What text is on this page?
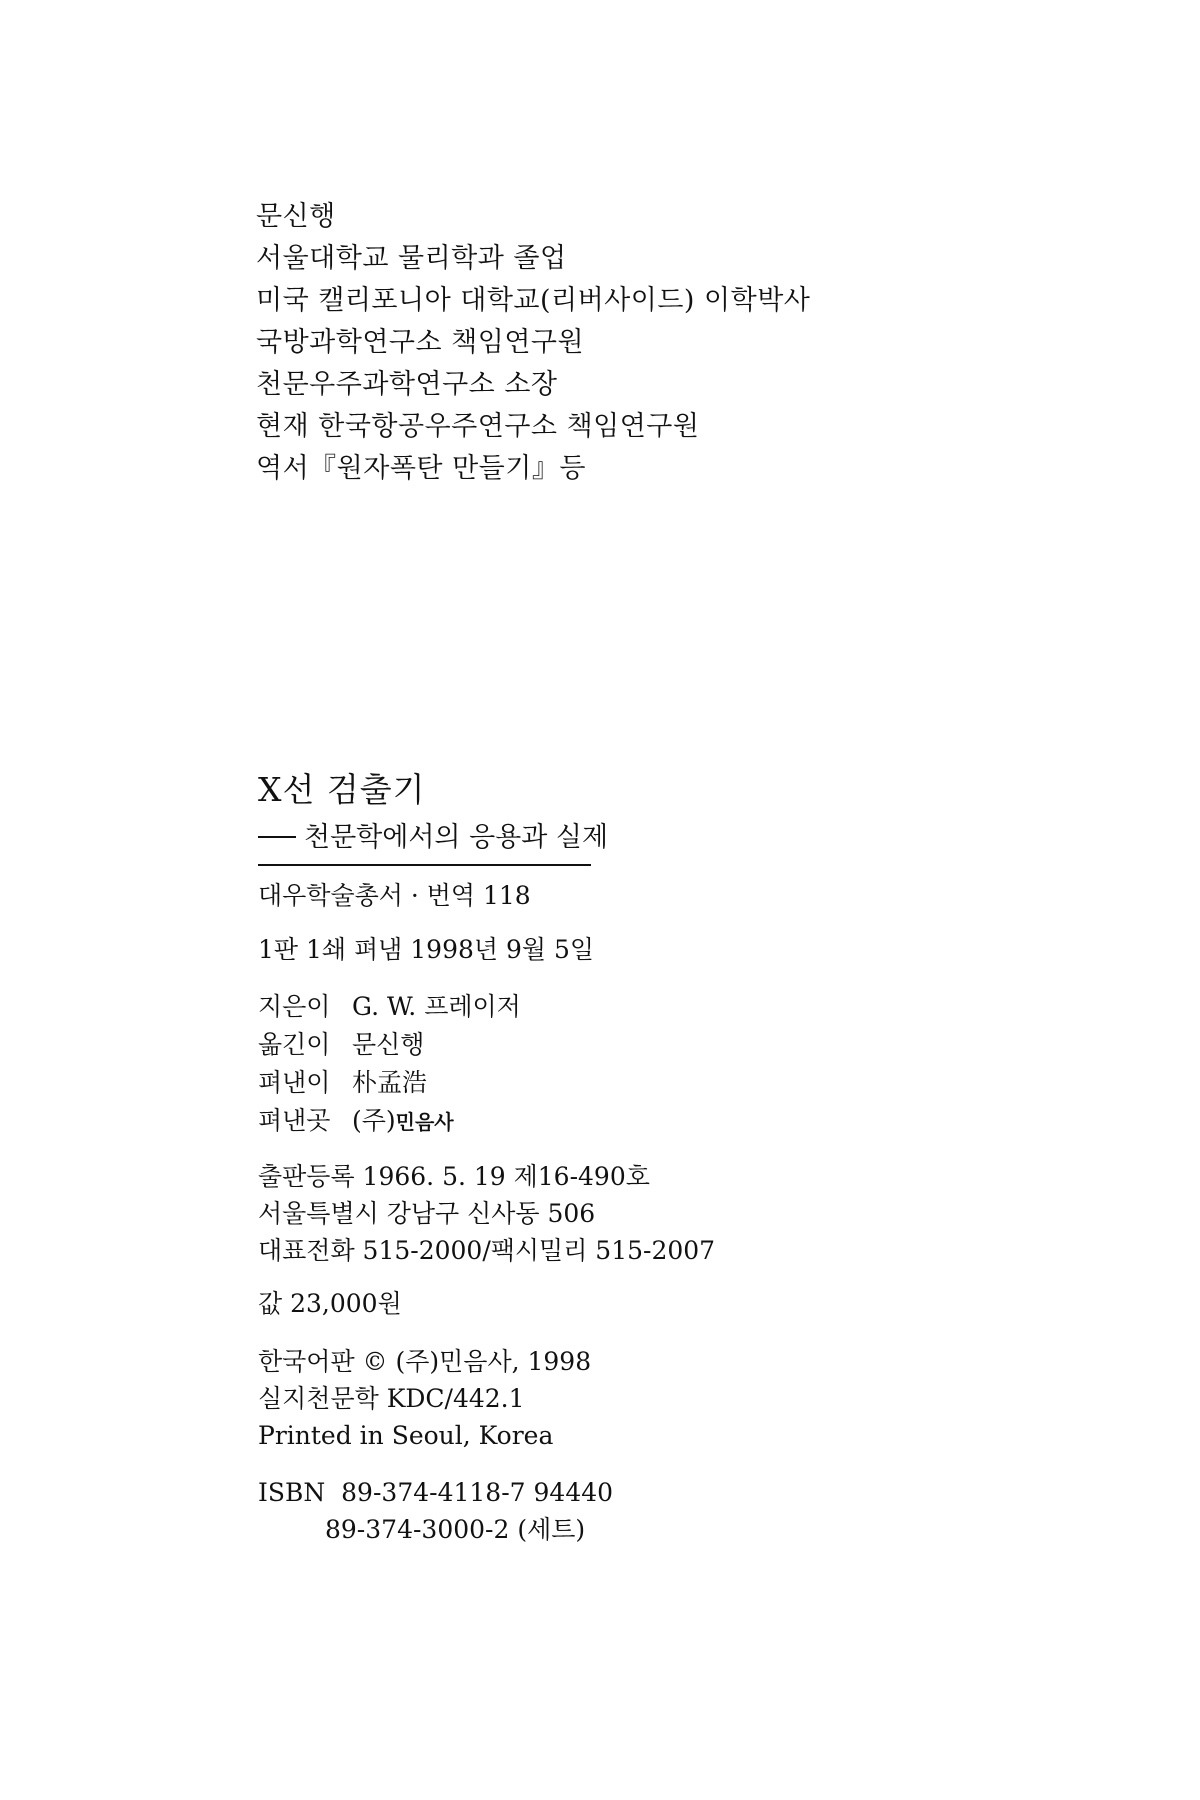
문신행
서울대학교 물리학과 졸업
미국 캘리포니아 대학교(리버사이드) 이학박사
국방과학연구소 책임연구원
천문우주과학연구소 소장
현재 한국항공우주연구소 책임연구원
역서『원자폭탄 만들기』등
X선 검출기
천문학에서의 응용과 실제
대우학술총서 · 번역 118
1판 1쇄 펴냄 1998년 9월 5일
지은이 G. W. 프레이저
옮긴이 문신행
펴낸이 朴孟浩
펴낸곳 (주)민음사
출판등록 1966. 5. 19 제16-490호
서울특별시 강남구 신사동 506
대표전화 515-2000/팩시밀리 515-2007
값 23,000원
한국어판 © (주)민음사, 1998
실지천문학 KDC/442.1
Printed in Seoul, Korea
ISBN 89-374-4118-7 94440
89-374-3000-2 (세트)
